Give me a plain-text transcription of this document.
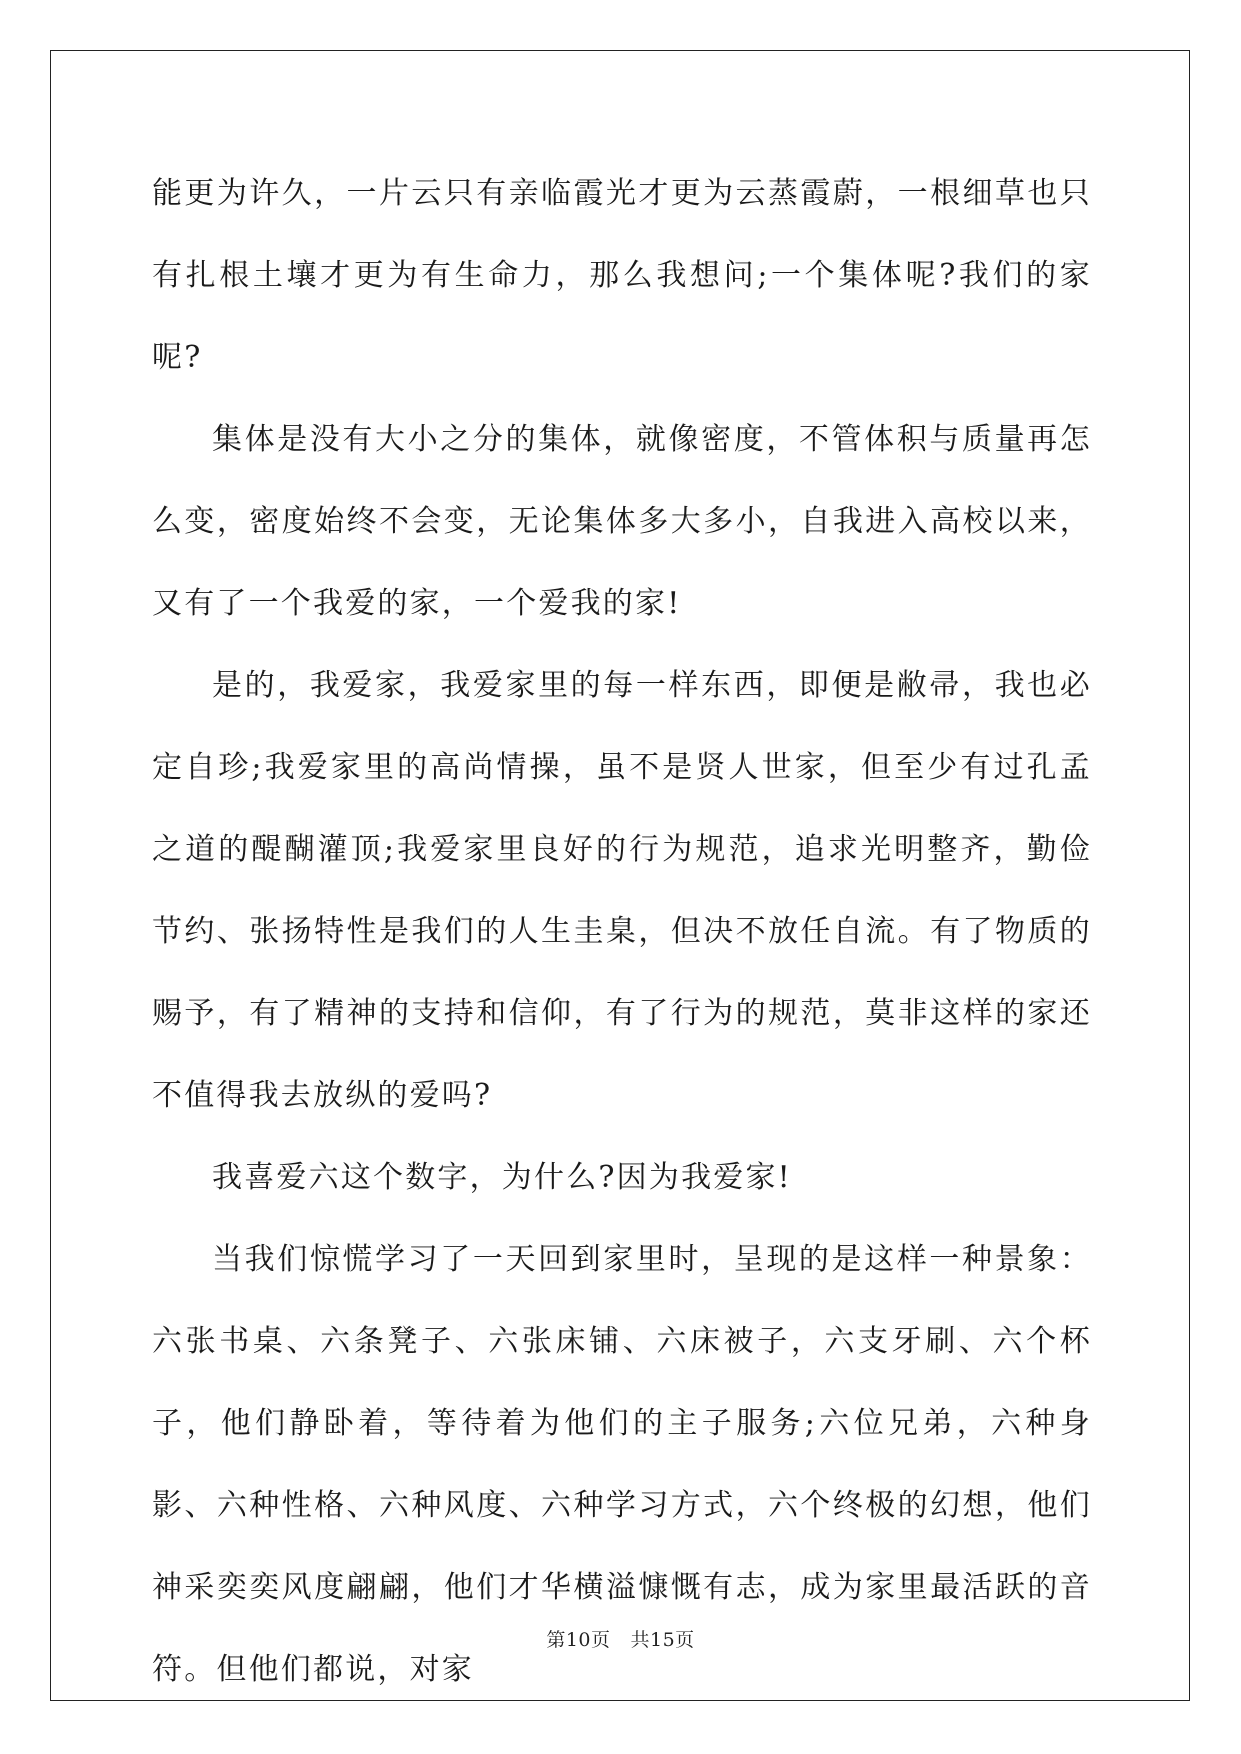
能更为许久，一片云只有亲临霞光才更为云蒸霞蔚，一根细草也只有扎根土壤才更为有生命力，那么我想问;一个集体呢?我们的家呢?

集体是没有大小之分的集体，就像密度，不管体积与质量再怎么变，密度始终不会变，无论集体多大多小，自我进入高校以来，又有了一个我爱的家，一个爱我的家!

是的，我爱家，我爱家里的每一样东西，即便是敝帚，我也必定自珍;我爱家里的高尚情操，虽不是贤人世家，但至少有过孔孟之道的醍醐灌顶;我爱家里良好的行为规范，追求光明整齐，勤俭节约、张扬特性是我们的人生圭臬，但决不放任自流。有了物质的赐予，有了精神的支持和信仰，有了行为的规范，莫非这样的家还不值得我去放纵的爱吗?

我喜爱六这个数字，为什么?因为我爱家!

当我们惊慌学习了一天回到家里时，呈现的是这样一种景象：六张书桌、六条凳子、六张床铺、六床被子，六支牙刷、六个杯子，他们静卧着，等待着为他们的主子服务;六位兄弟，六种身影、六种性格、六种风度、六种学习方式，六个终极的幻想，他们神采奕奕风度翩翩，他们才华横溢慷慨有志，成为家里最活跃的音符。但他们都说，对家

第10页 共15页
